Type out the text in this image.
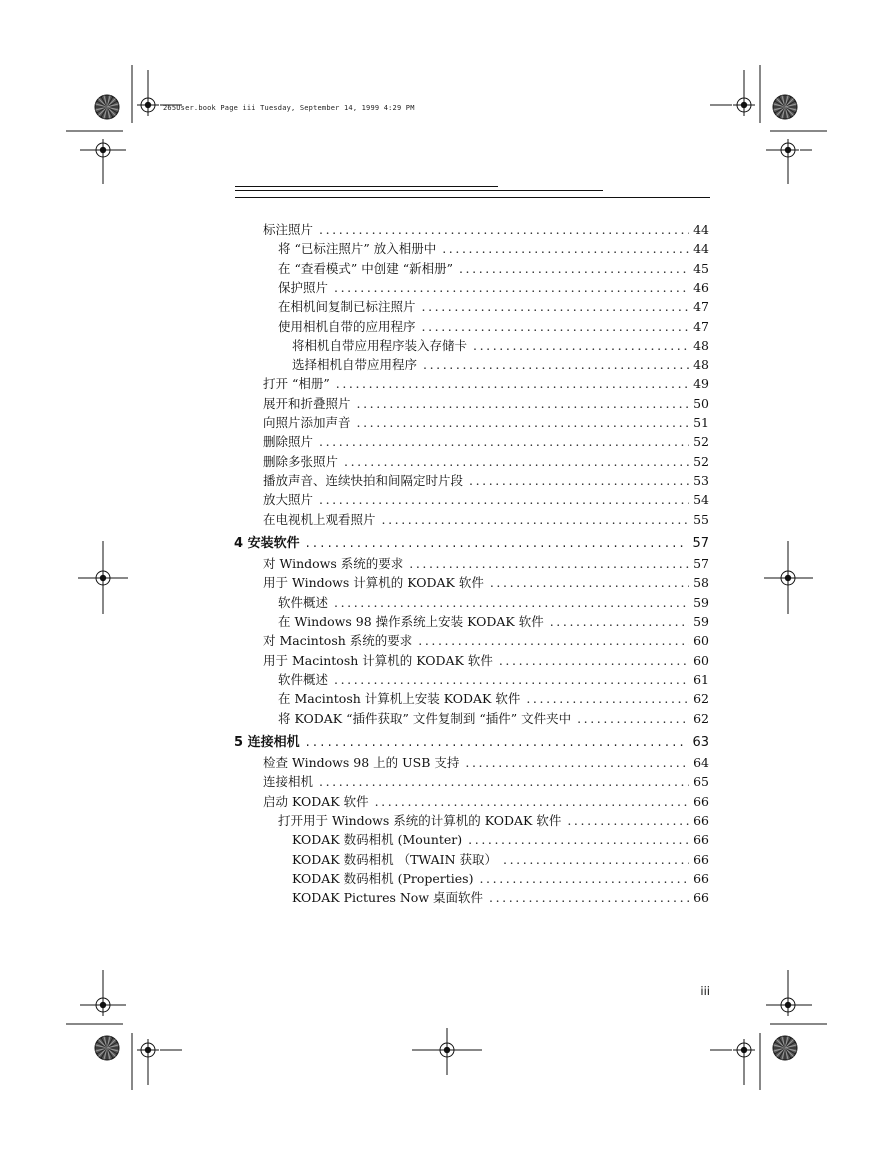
265User.book Page iii Tuesday, September 14, 1999 4:29 PM
标注照片 .....	44
将 “已标注照片” 放入相册中 .....	44
在 “查看模式” 中创建 “新相册” .....	45
保护照片 .....	46
在相机间复制已标注照片 .....	47
使用相机自带的应用程序 .....	47
将相机自带应用程序装入存储卡 .....	48
选择相机自带应用程序 .....	48
打开 “相册” .....	49
展开和折叠照片 .....	50
向照片添加声音 .....	51
删除照片 .....	52
删除多张照片 .....	52
播放声音、连续快拍和间隔定时片段 .....	53
放大照片 .....	54
在电视机上观看照片 .....	55
4 安装软件 .....	57
对 Windows 系统的要求 .....	57
用于 Windows 计算机的 KODAK 软件 .....	58
软件概述 .....	59
在 Windows 98 操作系统上安装 KODAK 软件 .....	59
对 Macintosh 系统的要求 .....	60
用于 Macintosh 计算机的 KODAK 软件 .....	60
软件概述 .....	61
在 Macintosh 计算机上安装 KODAK 软件 .....	62
将 KODAK “插件获取” 文件复制到 “插件” 文件夹中 .....	62
5 连接相机 .....	63
检查 Windows 98 上的 USB 支持 .....	64
连接相机 .....	65
启动 KODAK 软件 .....	66
打开用于 Windows 系统的计算机的 KODAK 软件 .....	66
KODAK 数码相机 (Mounter) .....	66
KODAK 数码相机 （TWAIN 获取） .....	66
KODAK 数码相机 (Properties) .....	66
KODAK Pictures Now 桌面软件 .....	66
iii
